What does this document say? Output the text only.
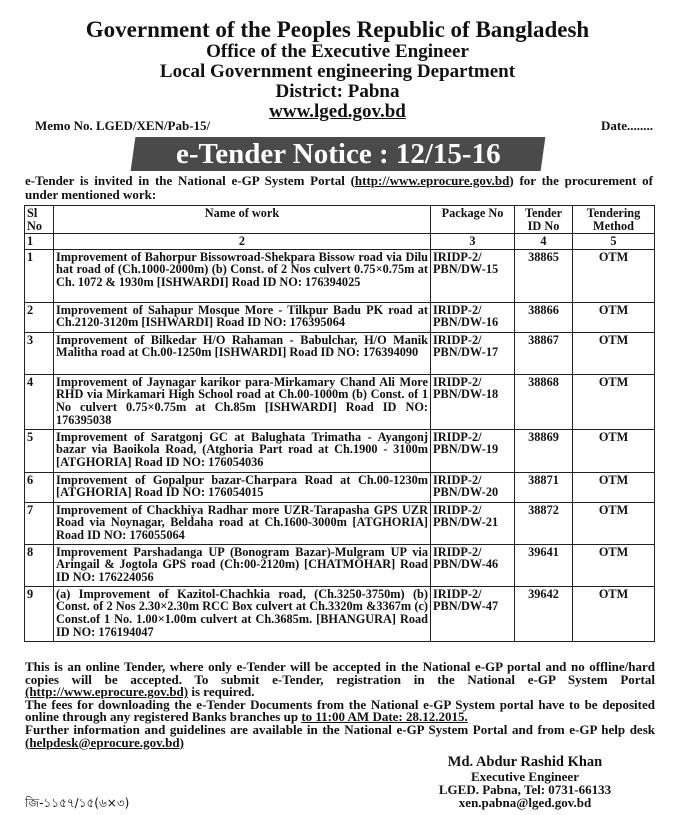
Government of the Peoples Republic of Bangladesh
Office of the Executive Engineer
Local Government engineering Department
District: Pabna
www.lged.gov.bd
Memo No. LGED/XEN/Pab-15/	Date........
e-Tender Notice : 12/15-16
e-Tender is invited in the National e-GP System Portal (http://www.eprocure.gov.bd) for the procurement of under mentioned work:
Sl No	Name of work	Package No	Tender ID No	Tendering Method
1	2	3	4	5
1	Improvement of Bahorpur Bissowroad-Shekpara Bissow road via Dilu hat road of (Ch.1000-2000m) (b) Const. of 2 Nos culvert 0.75×0.75m at Ch. 1072 & 1930m [ISHWARDI] Road ID NO: 176394025	IRIDP-2/ PBN/DW-15	38865	OTM
2	Improvement of Sahapur Mosque More - Tilkpur Badu PK road at Ch.2120-3120m [ISHWARDI] Road ID NO: 176395064	IRIDP-2/ PBN/DW-16	38866	OTM
3	Improvement of Bilkedar H/O Rahaman - Babulchar, H/O Manik Malitha road at Ch.00-1250m [ISHWARDI] Road ID NO: 176394090	IRIDP-2/ PBN/DW-17	38867	OTM
4	Improvement of Jaynagar karikor para-Mirkamary Chand Ali More RHD via Mirkamari High School road at Ch.00-1000m (b) Const. of 1 No culvert 0.75×0.75m at Ch.85m [ISHWARDI] Road ID NO: 176395038	IRIDP-2/ PBN/DW-18	38868	OTM
5	Improvement of Saratgonj GC at Balughata Trimatha - Ayangonj bazar via Baoikola Road, (Atghoria Part road at Ch.1900 - 3100m [ATGHORIA] Road ID NO: 176054036	IRIDP-2/ PBN/DW-19	38869	OTM
6	Improvement of Gopalpur bazar-Charpara Road at Ch.00-1230m [ATGHORIA] Road ID NO: 176054015	IRIDP-2/ PBN/DW-20	38871	OTM
7	Improvement of Chackhiya Radhar more UZR-Tarapasha GPS UZR Road via Noynagar, Beldaha road at Ch.1600-3000m [ATGHORIA] Road ID NO: 176055064	IRIDP-2/ PBN/DW-21	38872	OTM
8	Improvement Parshadanga UP (Bonogram Bazar)-Mulgram UP via Aringail & Jogtola GPS road (Ch:00-2120m) [CHATMOHAR] Road ID NO: 176224056	IRIDP-2/ PBN/DW-46	39641	OTM
9	(a) Improvement of Kazitol-Chachkia road, (Ch.3250-3750m) (b) Const. of 2 Nos 2.30×2.30m RCC Box culvert at Ch.3320m &3367m (c) Const.of 1 No. 1.00×1.00m culvert at Ch.3685m. [BHANGURA] Road ID NO: 176194047	IRIDP-2/ PBN/DW-47	39642	OTM

This is an online Tender, where only e-Tender will be accepted in the National e-GP portal and no offline/hard copies will be accepted. To submit e-Tender, registration in the National e-GP System Portal (http://www.eprocure.gov.bd) is required.

The fees for downloading the e-Tender Documents from the National e-GP System portal have to be deposited online through any registered Banks branches up to 11:00 AM Date: 28.12.2015.

Further information and guidelines are available in the National e-GP System Portal and from e-GP help desk (helpdesk@eprocure.gov.bd)

Md. Abdur Rashid Khan
Executive Engineer
LGED. Pabna, Tel: 0731-66133
xen.pabna@lged.gov.bd
জি-১১৫৭/১৫(৬×৩)
